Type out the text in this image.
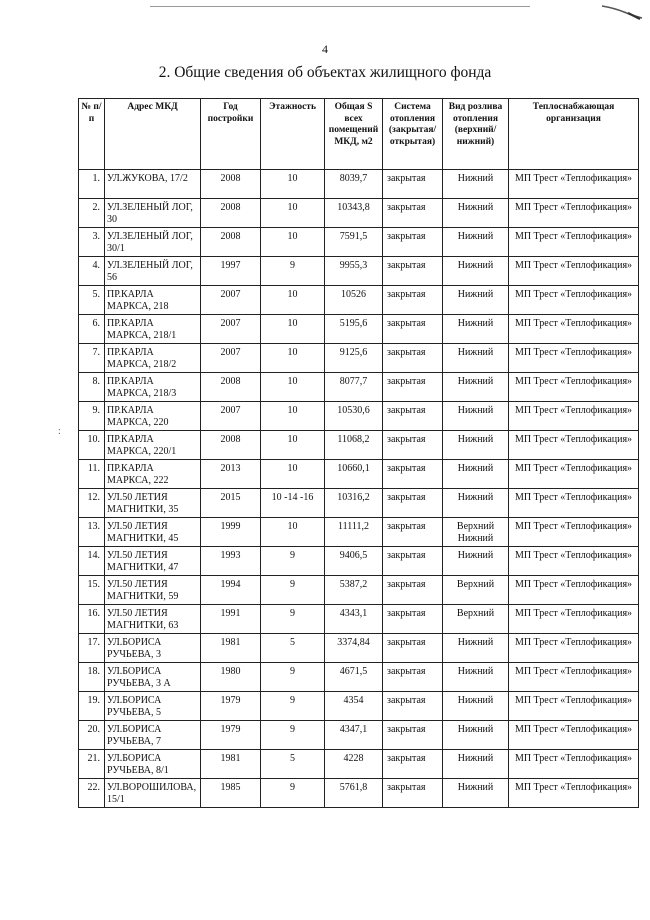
4
2. Общие сведения об объектах жилищного фонда
:
№ п/п	Адрес МКД	Год постройки	Этажность	Общая S всех помещений МКД, м2	Система отопления (закрытая/ открытая)	Вид розлива отопления (верхний/ нижний)	Теплоснабжающая организация

1.	УЛ.ЖУКОВА, 17/2	2008	10	8039,7	закрытая	Нижний	МП Трест «Теплофикация»

2.	УЛ.ЗЕЛЕНЫЙ ЛОГ, 30	2008	10	10343,8	закрытая	Нижний	МП Трест «Теплофикация»

3.	УЛ.ЗЕЛЕНЫЙ ЛОГ, 30/1	2008	10	7591,5	закрытая	Нижний	МП Трест «Теплофикация»

4.	УЛ.ЗЕЛЕНЫЙ ЛОГ, 56	1997	9	9955,3	закрытая	Нижний	МП Трест «Теплофикация»

5.	ПР.КАРЛА МАРКСА, 218	2007	10	10526	закрытая	Нижний	МП Трест «Теплофикация»

6.	ПР.КАРЛА МАРКСА, 218/1	2007	10	5195,6	закрытая	Нижний	МП Трест «Теплофикация»

7.	ПР.КАРЛА МАРКСА, 218/2	2007	10	9125,6	закрытая	Нижний	МП Трест «Теплофикация»

8.	ПР.КАРЛА МАРКСА, 218/3	2008	10	8077,7	закрытая	Нижний	МП Трест «Теплофикация»

9.	ПР.КАРЛА МАРКСА, 220	2007	10	10530,6	закрытая	Нижний	МП Трест «Теплофикация»

10.	ПР.КАРЛА МАРКСА, 220/1	2008	10	11068,2	закрытая	Нижний	МП Трест «Теплофикация»

11.	ПР.КАРЛА МАРКСА, 222	2013	10	10660,1	закрытая	Нижний	МП Трест «Теплофикация»

12.	УЛ.50 ЛЕТИЯ МАГНИТКИ, 35	2015	10 -14 -16	10316,2	закрытая	Нижний	МП Трест «Теплофикация»

13.	УЛ.50 ЛЕТИЯ МАГНИТКИ, 45	1999	10	11111,2	закрытая	Верхний Нижний	МП Трест «Теплофикация»

14.	УЛ.50 ЛЕТИЯ МАГНИТКИ, 47	1993	9	9406,5	закрытая	Нижний	МП Трест «Теплофикация»

15.	УЛ.50 ЛЕТИЯ МАГНИТКИ, 59	1994	9	5387,2	закрытая	Верхний	МП Трест «Теплофикация»

16.	УЛ.50 ЛЕТИЯ МАГНИТКИ, 63	1991	9	4343,1	закрытая	Верхний	МП Трест «Теплофикация»

17.	УЛ.БОРИСА РУЧЬЕВА, 3	1981	5	3374,84	закрытая	Нижний	МП Трест «Теплофикация»

18.	УЛ.БОРИСА РУЧЬЕВА, 3 А	1980	9	4671,5	закрытая	Нижний	МП Трест «Теплофикация»

19.	УЛ.БОРИСА РУЧЬЕВА, 5	1979	9	4354	закрытая	Нижний	МП Трест «Теплофикация»

20.	УЛ.БОРИСА РУЧЬЕВА, 7	1979	9	4347,1	закрытая	Нижний	МП Трест «Теплофикация»

21.	УЛ.БОРИСА РУЧЬЕВА, 8/1	1981	5	4228	закрытая	Нижний	МП Трест «Теплофикация»

22.	УЛ.ВОРОШИЛОВА, 15/1	1985	9	5761,8	закрытая	Нижний	МП Трест «Теплофикация»
